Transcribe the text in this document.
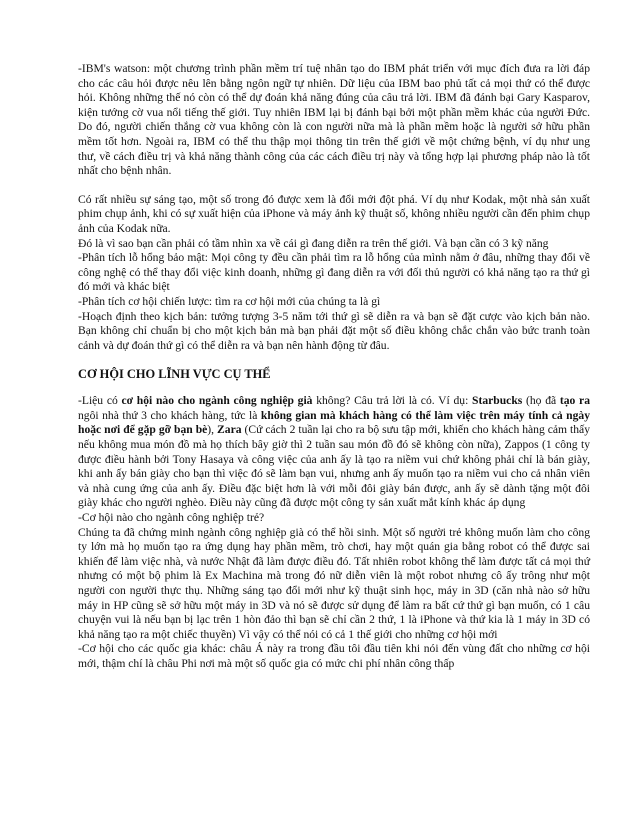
-IBM's watson: một chương trình phần mềm trí tuệ nhân tạo do IBM phát triển với mục đích đưa ra lời đáp cho các câu hỏi được nêu lên bằng ngôn ngữ tự nhiên. Dữ liệu của IBM bao phủ tất cả mọi thứ có thể được hỏi. Không những thế nó còn có thể dự đoán khả năng đúng của câu trả lời. IBM đã đánh bại Gary Kasparov, kiện tướng cờ vua nổi tiếng thế giới. Tuy nhiên IBM lại bị đánh bại bởi một phần mềm khác của người Đức. Do đó, người chiến thắng cờ vua không còn là con người nữa mà là phần mềm hoặc là người sở hữu phần mềm tốt hơn. Ngoài ra, IBM có thể thu thập mọi thông tin trên thế giới về một chứng bệnh, ví dụ như ung thư, về cách điều trị và khả năng thành công của các cách điều trị này và tổng hợp lại phương pháp nào là tốt nhất cho bệnh nhân.

Có rất nhiều sự sáng tạo, một số trong đó được xem là đổi mới đột phá. Ví dụ như Kodak, một nhà sản xuất phim chụp ảnh, khi có sự xuất hiện của iPhone và máy ảnh kỹ thuật số, không nhiều người cần đến phim chụp ảnh của Kodak nữa.

Đó là vì sao bạn cần phải có tầm nhìn xa về cái gì đang diễn ra trên thế giới. Và bạn cần có 3 kỹ năng

-Phân tích lỗ hổng bảo mật: Mọi công ty đều cần phải tìm ra lỗ hổng của mình nằm ở đâu, những thay đổi về công nghệ có thể thay đổi việc kinh doanh, những gì đang diễn ra với đối thủ người có khả năng tạo ra thứ gì đó mới và khác biệt

-Phân tích cơ hội chiến lược: tìm ra cơ hội mới của chúng ta là gì

-Hoạch định theo kịch bản: tưởng tượng 3-5 năm tới thứ gì sẽ diễn ra và bạn sẽ đặt cược vào kịch bản nào. Bạn không chỉ chuẩn bị cho một kịch bản mà bạn phải đặt một số điều không chắc chắn vào bức tranh toàn cảnh và dự đoán thứ gì có thể diễn ra và bạn nên hành động từ đâu.

CƠ HỘI CHO LĨNH VỰC CỤ THỂ

-Liệu có cơ hội nào cho ngành công nghiệp già không? Câu trả lời là có. Ví dụ: Starbucks (họ đã tạo ra ngôi nhà thứ 3 cho khách hàng, tức là không gian mà khách hàng có thể làm việc trên máy tính cả ngày hoặc nơi để gặp gỡ bạn bè), Zara (Cứ cách 2 tuần lại cho ra bộ sưu tập mới, khiến cho khách hàng cảm thấy nếu không mua món đồ mà họ thích bây giờ thì 2 tuần sau món đồ đó sẽ không còn nữa), Zappos (1 công ty được điều hành bởi Tony Hasaya và công việc của anh ấy là tạo ra niềm vui chứ không phải chỉ là bán giày, khi anh ấy bán giày cho bạn thì việc đó sẽ làm bạn vui, nhưng anh ấy muốn tạo ra niềm vui cho cả nhân viên và nhà cung ứng của anh ấy. Điều đặc biệt hơn là với mỗi đôi giày bán được, anh ấy sẽ dành tặng một đôi giày khác cho người nghèo. Điều này cũng đã được một công ty sản xuất mắt kính khác áp dụng

-Cơ hội nào cho ngành công nghiệp trẻ?

Chúng ta đã chứng minh ngành công nghiệp già có thể hồi sinh. Một số người trẻ không muốn làm cho công ty lớn mà họ muốn tạo ra ứng dụng hay phần mềm, trò chơi, hay một quán gia bằng robot có thể được sai khiến để làm việc nhà, và nước Nhật đã làm được điều đó. Tất nhiên robot không thể làm được tất cả mọi thứ nhưng có một bộ phim là Ex Machina mà trong đó nữ diễn viên là một robot nhưng cô ấy trông như một người con người thực thụ. Những sáng tạo đổi mới như kỹ thuật sinh học, máy in 3D (căn nhà nào sở hữu máy in HP cũng sẽ sở hữu một máy in 3D và nó sẽ được sử dụng để làm ra bất cứ thứ gì bạn muốn, có 1 câu chuyện vui là nếu bạn bị lạc trên 1 hòn đảo thì bạn sẽ chỉ cần 2 thứ, 1 là iPhone và thứ kia là 1 máy in 3D có khả năng tạo ra một chiếc thuyền) Vì vậy có thể nói có cả 1 thế giới cho những cơ hội mới

-Cơ hội cho các quốc gia khác: châu Á này ra trong đầu tôi đầu tiên khi nói đến vùng đất cho những cơ hội mới, thậm chí là châu Phi nơi mà một số quốc gia có mức chi phí nhân công thấp
